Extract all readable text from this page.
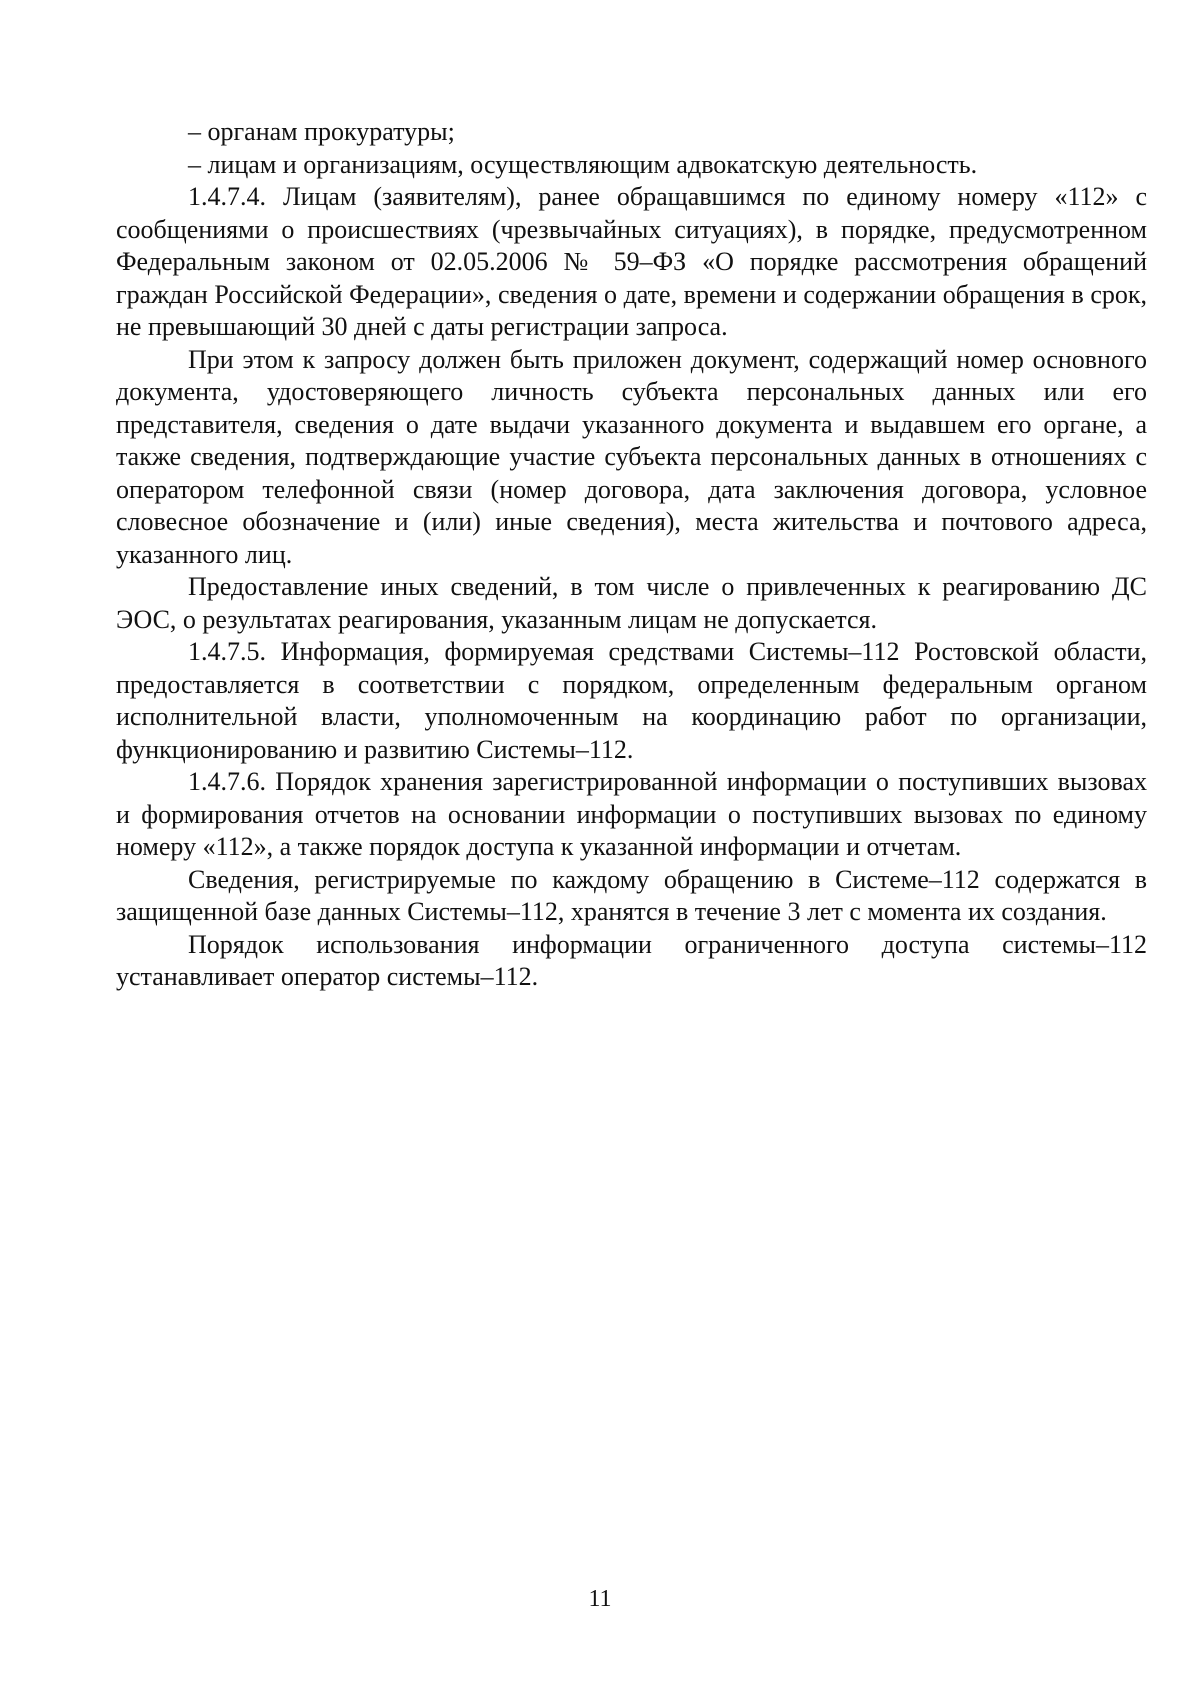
– органам прокуратуры;

– лицам и организациям, осуществляющим адвокатскую деятельность.

1.4.7.4. Лицам (заявителям), ранее обращавшимся по единому номеру «112» с сообщениями о происшествиях (чрезвычайных ситуациях), в порядке, предусмотренном Федеральным законом от 02.05.2006 № 59–ФЗ «О порядке рассмотрения обращений граждан Российской Федерации», сведения о дате, времени и содержании обращения в срок, не превышающий 30 дней с даты регистрации запроса.

При этом к запросу должен быть приложен документ, содержащий номер основного документа, удостоверяющего личность субъекта персональных данных или его представителя, сведения о дате выдачи указанного документа и выдавшем его органе, а также сведения, подтверждающие участие субъекта персональных данных в отношениях с оператором телефонной связи (номер договора, дата заключения договора, условное словесное обозначение и (или) иные сведения), места жительства и почтового адреса, указанного лиц.

Предоставление иных сведений, в том числе о привлеченных к реагированию ДС ЭОС, о результатах реагирования, указанным лицам не допускается.

1.4.7.5. Информация, формируемая средствами Системы–112 Ростовской области, предоставляется в соответствии с порядком, определенным федеральным органом исполнительной власти, уполномоченным на координацию работ по организации, функционированию и развитию Системы–112.

1.4.7.6. Порядок хранения зарегистрированной информации о поступивших вызовах и формирования отчетов на основании информации о поступивших вызовах по единому номеру «112», а также порядок доступа к указанной информации и отчетам.

Сведения, регистрируемые по каждому обращению в Системе–112 содержатся в защищенной базе данных Системы–112, хранятся в течение 3 лет с момента их создания.

Порядок использования информации ограниченного доступа системы–112 устанавливает оператор системы–112.

11
